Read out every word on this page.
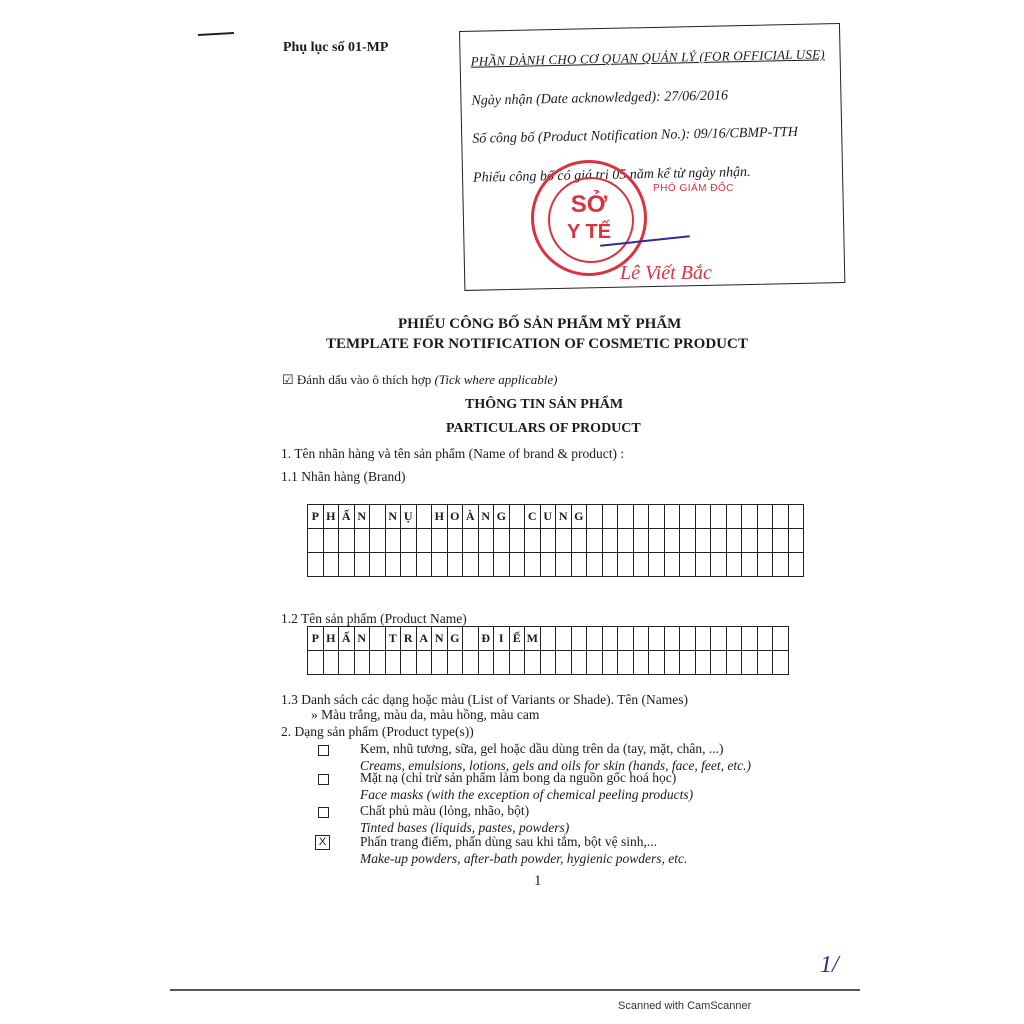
Phụ lục số 01-MP	PHẦN DÀNH CHO CƠ QUAN QUẢN LÝ (FOR OFFICIAL USE)
Ngày nhận (Date acknowledged): 27/06/2016
Số công bố (Product Notification No.): 09/16/CBMP-TTH
Phiếu công bố có giá trị 05 năm kể từ ngày nhận.
SỞ
Y TẾ
PHÓ GIÁM ĐỐC
Lê Viết Bắc
PHIẾU CÔNG BỐ SẢN PHẨM MỸ PHẨM
TEMPLATE FOR NOTIFICATION OF COSMETIC PRODUCT
☑ Đánh dấu vào ô thích hợp (Tick where applicable)
THÔNG TIN SẢN PHẨM
PARTICULARS OF PRODUCT
1. Tên nhãn hàng và tên sản phẩm (Name of brand & product) :
1.1 Nhãn hàng (Brand)
P	H	Ấ	N		N	Ụ		H	O	À	N	G		C	U	N	G														

1.2 Tên sản phẩm (Product Name)
P	H	Ấ	N		T	R	A	N	G		Đ	I	Ể	M																

1.3 Danh sách các dạng hoặc màu (List of Variants or Shade). Tên (Names)
» Màu trắng, màu da, màu hồng, màu cam
2. Dạng sản phẩm (Product type(s))
Kem, nhũ tương, sữa, gel hoặc dầu dùng trên da (tay, mặt, chân, ...)
Creams, emulsions, lotions, gels and oils for skin (hands, face, feet, etc.)
Mặt nạ (chỉ trừ sản phẩm làm bong da nguồn gốc hoá học)
Face masks (with the exception of chemical peeling products)
Chất phủ màu (lỏng, nhão, bột)
Tinted bases (liquids, pastes, powders)
X	Phấn trang điểm, phấn dùng sau khi tắm, bột vệ sinh,...
Make-up powders, after-bath powder, hygienic powders, etc.
1
1/
Scanned with CamScanner
